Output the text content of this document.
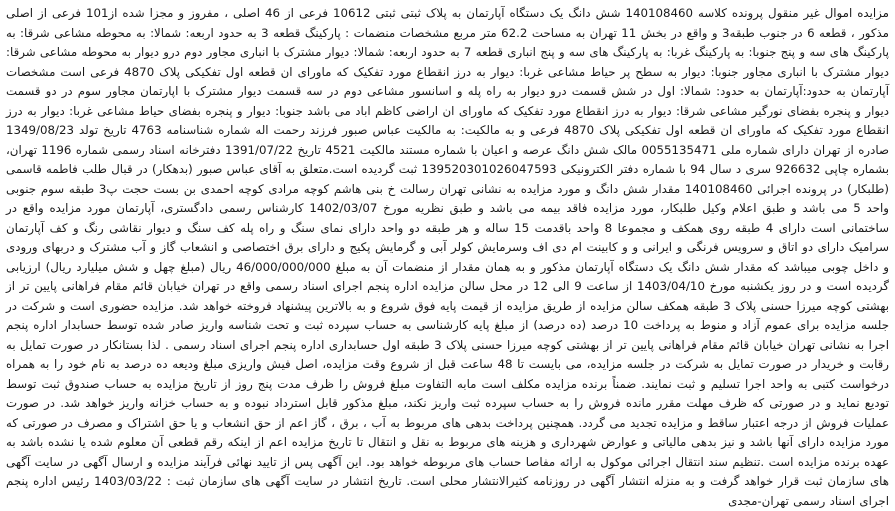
مزایده اموال غیر منقول پرونده کلاسه 140108460 شش دانگ یک دستگاه آپارتمان به پلاک ثبتی ثبتی 10612 فرعی از 46 اصلی ، مفروز و مجزا شده از101 فرعی از اصلی مذکور ، قطعه 6 در جنوب طبقه3 و واقع در بخش 11 تهران به مساحت 62.2 متر مربع مشخصات منضمات : پارکینگ قطعه 3 به حدود اربعه: شمالا: به محوطه مشاعی شرقا: به پارکینگ های سه و پنج جنوبا: به پارکینگ غربا: به پارکینگ های سه و پنج انباری قطعه 7 به حدود اربعه: شمالا: دیوار مشترک با انباری مجاور دوم درو دیوار به محوطه مشاعی شرقا: دیوار مشترک با انباری مجاور جنوبا: دیوار به سطح پر حیاط مشاعی غربا: دیوار به درز انقطاع مورد تفکیک که ماورای ان قطعه اول تفکیکی پلاک 4870 فرعی است مشخصات آپارتمان به حدود:آپارتمان به حدود: شمالا: اول در شش قسمت درو دیوار به راه پله و اسانسور مشاعی دوم در سه قسمت دیوار مشترک با اپارتمان مجاور سوم در دو قسمت دیوار و پنجره بفضای نورگیر مشاعی شرقا: دیوار به درز انقطاع مورد تفکیک که ماورای ان اراضی کاظم اباد می باشد جنوبا: دیوار و پنجره بفضای حیاط مشاعی غربا: دیوار به درز انقطاع مورد تفکیک که ماورای ان قطعه اول تفکیکی پلاک 4870 فرعی و به مالکیت: به مالکیت عباس صبور فرزند رحمت اله شماره شناسنامه 4763 تاریخ تولد 1349/08/23 صادره از تهران دارای شماره ملی 0055135471 مالک شش دانگ عرصه و اعیان با شماره مستند مالکیت 4521 تاریخ 1391/07/22 دفترخانه اسناد رسمی شماره 1196 تهران، بشماره چاپی 926632 سری د سال 94 با شماره دفتر الکترونیکی 139520301026047593 ثبت گردیده است.متعلق به آقای عباس صبور (بدهکار) در قبال طلب فاطمه قاسمی (طلبکار) در پرونده اجرائی 140108460 مقدار شش دانگ و مورد مزایده به نشانی تهران رسالت خ بنی هاشم کوچه مرادی کوچه احمدی بن بست حجت پ3 طبقه سوم جنوبی واحد 5 می باشد و طبق اعلام وکیل طلبکار، مورد مزایده فاقد بیمه می باشد و طبق نظریه مورخ 1402/03/07 کارشناس رسمی دادگستری، آپارتمان مورد مزایده واقع در ساختمانی است دارای 4 طبقه روی همکف و مجموعا 8 واحد باقدمت 15 ساله و هر طبقه دو واحد دارای نمای سنگ و راه پله کف سنگ و دیوار نقاشی رنگ و کف آپارتمان سرامیک دارای دو اتاق و سرویس فرنگی و ایرانی و و کابینت ام دی اف وسرمایش کولر آبی و گرمایش پکیج و دارای برق اختصاصی و انشعاب گاز و آب مشترک و دربهای ورودی و داخل چوبی میباشد که مقدار شش دانگ یک دستگاه آپارتمان مذکور و به همان مقدار از منضمات آن به مبلغ 46/000/000/000 ریال (مبلغ چهل و شش میلیارد ریال) ارزیابی گردیده است و در روز یکشنبه مورخ 1403/04/10 از ساعت 9 الی 12 در محل سالن مزایده اداره پنجم اجرای اسناد رسمی واقع در تهران خیابان قائم مقام فراهانی پایین تر از بهشتی کوچه میرزا حسنی پلاک 3 طبقه همکف سالن مزایده از طریق مزایده از قیمت پایه فوق شروع و به بالاترین پیشنهاد فروخته خواهد شد. مزایده حضوری است و شرکت در جلسه مزایده برای عموم آزاد و منوط به پرداخت 10 درصد (ده درصد) از مبلغ پایه کارشناسی به حساب سپرده ثبت و تحت شناسه واریز صادر شده توسط حسابدار اداره پنجم اجرا به نشانی تهران خیابان قائم مقام فراهانی پایین تر از بهشتی کوچه میرزا حسنی پلاک 3 طبقه اول حسابداری اداره پنجم اجرای اسناد رسمی . لذا بستانکار در صورت تمایل به رقابت و خریدار در صورت تمایل به شرکت در جلسه مزایده، می بایست تا 48 ساعت قبل از شروع وقت مزایده، اصل فیش واریزی مبلغ ودیعه ده درصد به نام خود را به همراه درخواست کتبی به واحد اجرا تسلیم و ثبت نمایند. ضمناً برنده مزایده مکلف است مابه التفاوت مبلغ فروش را ظرف مدت پنج روز از تاریخ مزایده به حساب صندوق ثبت توسط تودیع نماید و در صورتی که ظرف مهلت مقرر مانده فروش را به حساب سپرده ثبت واریز نکند، مبلغ مذکور قابل استرداد نبوده و به حساب خزانه واریز خواهد شد. در صورت عملیات فروش از درجه اعتبار ساقط و مزایده تجدید می گردد. همچنین پرداخت بدهی های مربوط به آب ، برق ، گاز اعم از حق انشعاب و یا حق اشتراک و مصرف در صورتی که مورد مزایده دارای آنها باشد و نیز بدهی مالیاتی و عوارض شهرداری و هزینه های مربوط به نقل و انتقال تا تاریخ مزایده اعم از اینکه رقم قطعی آن معلوم شده یا نشده باشد به عهده برنده مزایده است .تنظیم سند انتقال اجرائی موکول به ارائه مفاصا حساب های مربوطه خواهد بود. این آگهی پس از تایید نهائی فرآیند مزایده و ارسال آگهی در سایت آگهی های سازمان ثبت قرار خواهد گرفت و به منزله انتشار آگهی در روزنامه کثیرالانتشار محلی است. تاریخ انتشار در سایت آگهی های سازمان ثبت : 1403/03/22 رئیس اداره پنجم اجرای اسناد رسمی تهران-مجدی
